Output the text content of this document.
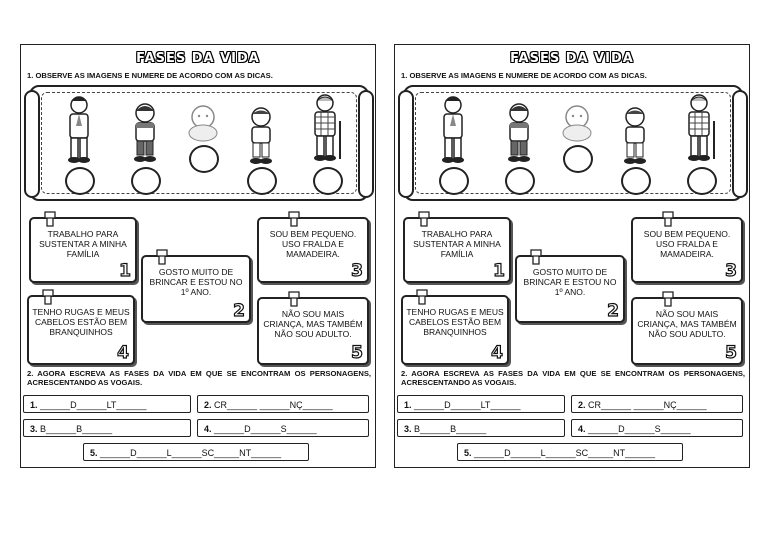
FASES DA VIDA
1. OBSERVE AS IMAGENS E NUMERE DE ACORDO COM AS DICAS.
TRABALHO PARA SUSTENTAR A MINHA FAMÍLIA
1	GOSTO MUITO DE BRINCAR E ESTOU NO 1º ANO.
2
SOU BEM PEQUENO. USO FRALDA E MAMADEIRA.
3
TENHO RUGAS E MEUS CABELOS ESTÃO BEM BRANQUINHOS
4
NÃO SOU MAIS CRIANÇA, MAS TAMBÉM NÃO SOU ADULTO.
5
2. AGORA ESCREVA AS FASES DA VIDA EM QUE SE ENCONTRAM OS PERSONAGENS, ACRESCENTANDO AS VOGAIS.
1. ______D______LT______	2. CR______ ______NÇ______
3. B______B______	4. ______D______S______
5. ______D______L______SC_____NT______
FASES DA VIDA
1. OBSERVE AS IMAGENS E NUMERE DE ACORDO COM AS DICAS.
TRABALHO PARA SUSTENTAR A MINHA FAMÍLIA
1	GOSTO MUITO DE BRINCAR E ESTOU NO 1º ANO.
2
SOU BEM PEQUENO. USO FRALDA E MAMADEIRA.
3
TENHO RUGAS E MEUS CABELOS ESTÃO BEM BRANQUINHOS
4
NÃO SOU MAIS CRIANÇA, MAS TAMBÉM NÃO SOU ADULTO.
5
2. AGORA ESCREVA AS FASES DA VIDA EM QUE SE ENCONTRAM OS PERSONAGENS, ACRESCENTANDO AS VOGAIS.
1. ______D______LT______	2. CR______ ______NÇ______
3. B______B______	4. ______D______S______
5. ______D______L______SC_____NT______
